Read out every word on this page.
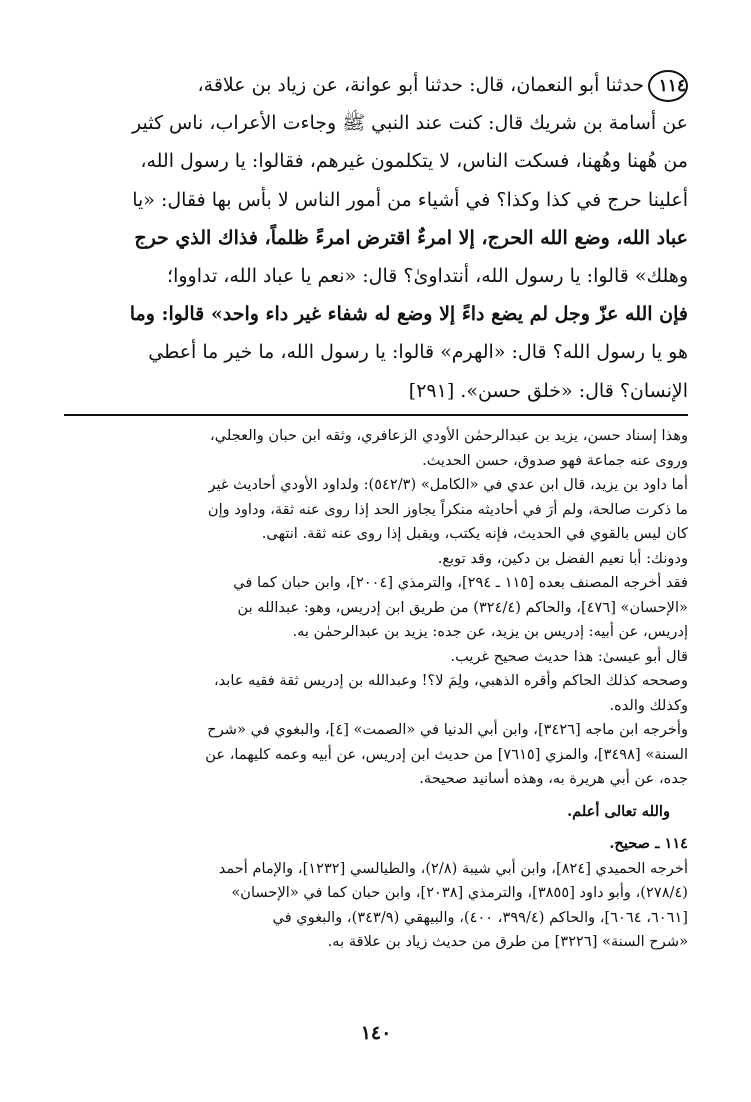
١١٤حدثنا أبو النعمان، قال: حدثنا أبو عوانة، عن زياد بن علاقة،
عن أسامة بن شريك قال: كنت عند النبي ﷺ وجاءت الأعراب، ناس كثير
من هُهنا وهُهنا، فسكت الناس، لا يتكلمون غيرهم، فقالوا: يا رسول الله،
أعلينا حرج في كذا وكذا؟ في أشياء من أمور الناس لا بأس بها فقال: «يا
عباد الله، وضع الله الحرج، إلا امرءٌ اقترض امرءً ظلماً، فذاك الذي حرج
وهلك» قالوا: يا رسول الله، أنتداوىٰ؟ قال: «نعم يا عباد الله، تداووا؛
فإن الله عزّ وجل لم يضع داءً إلا وضع له شفاء غير داء واحد» قالوا: وما
هو يا رسول الله؟ قال: «الهرم» قالوا: يا رسول الله، ما خير ما أعطي
الإنسان؟ قال: «خلق حسن». [٢٩١]

وهذا إسناد حسن، يزيد بن عبدالرحمٰن الأودي الزعافري، وثقه ابن حبان والعجلي،

وروى عنه جماعة فهو صدوق، حسن الحديث.

أما داود بن يزيد، قال ابن عدي في «الكامل» (٥٤٢/٣): ولداود الأودي أحاديث غير

ما ذكرت صالحة، ولم أرَ في أحاديثه منكراً يجاوز الحد إذا روى عنه ثقة، وداود وإن

كان ليس بالقوي في الحديث، فإنه يكتب، ويقبل إذا روى عنه ثقة. انتهى.

ودونك: أبا نعيم الفضل بن دكين، وقد توبع.

فقد أخرجه المصنف بعده [١١٥ ـ ٢٩٤]، والترمذي [٢٠٠٤]، وابن حبان كما في

«الإحسان» [٤٧٦]، والحاكم (٣٢٤/٤) من طريق ابن إدريس، وهو: عبدالله بن

إدريس، عن أبيه: إدريس بن يزيد، عن جده: يزيد بن عبدالرحمٰن به.

قال أبو عيسىٰ: هذا حديث صحيح غريب.

وصححه كذلك الحاكم وأقره الذهبي، ولِمَ لا؟! وعبدالله بن إدريس ثقة فقيه عابد،

وكذلك والده.

وأخرجه ابن ماجه [٣٤٢٦]، وابن أبي الدنيا في «الصمت» [٤]، والبغوي في «شرح

السنة» [٣٤٩٨]، والمزي [٧٦١٥] من حديث ابن إدريس، عن أبيه وعمه كليهما، عن

جده، عن أبي هريرة به، وهذه أسانيد صحيحة.

والله تعالى أعلم.

١١٤ ـ صحيح.

أخرجه الحميدي [٨٢٤]، وابن أبي شيبة (٢/٨)، والطيالسي [١٢٣٢]، والإمام أحمد

(٢٧٨/٤)، وأبو داود [٣٨٥٥]، والترمذي [٢٠٣٨]، وابن حبان كما في «الإحسان»

[٦٠٦١، ٦٠٦٤]، والحاكم (٣٩٩/٤، ٤٠٠)، والبيهقي (٣٤٣/٩)، والبغوي في

«شرح السنة» [٣٢٢٦] من طرق من حديث زياد بن علاقة به.

١٤٠
